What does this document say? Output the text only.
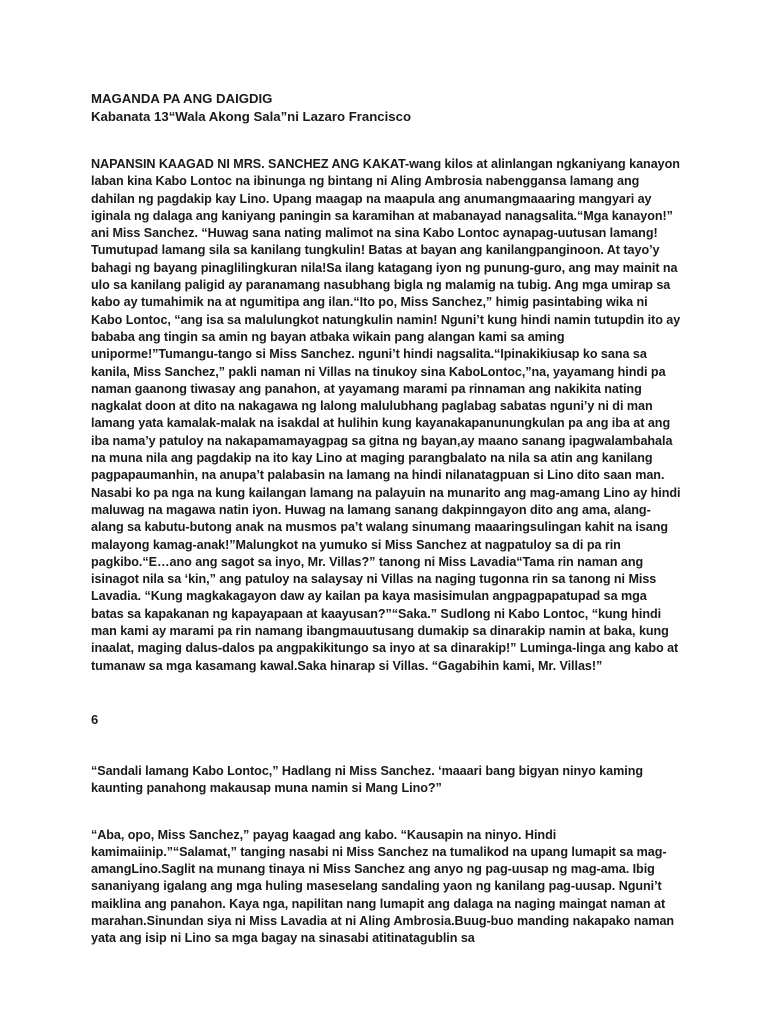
MAGANDA PA ANG DAIGDIG

Kabanata 13“Wala Akong Sala”ni Lazaro Francisco

NAPANSIN KAAGAD NI MRS. SANCHEZ ANG KAKAT-wang kilos at alinlangan ngkaniyang kanayon laban kina Kabo Lontoc na ibinunga ng bintang ni Aling Ambrosia nabenggansa lamang ang dahilan ng pagdakip kay Lino. Upang maagap na maapula ang anumangmaaaring mangyari ay iginala ng dalaga ang kaniyang paningin sa karamihan at mabanayad nanagsalita.“Mga kanayon!” ani Miss Sanchez. “Huwag sana nating malimot na sina Kabo Lontoc aynapag-uutusan lamang! Tumutupad lamang sila sa kanilang tungkulin! Batas at bayan ang kanilangpanginoon. At tayo’y bahagi ng bayang pinaglilingkuran nila!Sa ilang katagang iyon ng punung-guro, ang may mainit na ulo sa kanilang paligid ay paranamang nasubhang bigla ng malamig na tubig. Ang mga umirap sa kabo ay tumahimik na at ngumitipa ang ilan.“Ito po, Miss Sanchez,” himig pasintabing wika ni Kabo Lontoc, “ang isa sa malulungkot natungkulin namin! Nguni’t kung hindi namin tutupdin ito ay bababa ang tingin sa amin ng bayan atbaka wikain pang alangan kami sa aming uniporme!”Tumangu-tango si Miss Sanchez. nguni’t hindi nagsalita.“Ipinakikiusap ko sana sa kanila, Miss Sanchez,” pakli naman ni Villas na tinukoy sina KaboLontoc,”na, yayamang hindi pa naman gaanong tiwasay ang panahon, at yayamang marami pa rinnaman ang nakikita nating nagkalat doon at dito na nakagawa ng lalong malulubhang paglabag sabatas nguni’y ni di man lamang yata kamalak-malak na isakdal at hulihin kung kayanakapanunungkulan pa ang iba at ang iba nama’y patuloy na nakapamamayagpag sa gitna ng bayan,ay maano sanang ipagwalambahala na muna nila ang pagdakip na ito kay Lino at maging parangbalato na nila sa atin ang kanilang pagpapaumanhin, na anupa’t palabasin na lamang na hindi nilanatagpuan si Lino dito saan man. Nasabi ko pa nga na kung kailangan lamang na palayuin na munarito ang mag-amang Lino ay hindi maluwag na magawa natin iyon. Huwag na lamang sanang dakpinngayon dito ang ama, alang-alang sa kabutu-butong anak na musmos pa’t walang sinumang maaaringsulingan kahit na isang malayong kamag-anak!”Malungkot na yumuko si Miss Sanchez at nagpatuloy sa di pa rin pagkibo.“E…ano ang sagot sa inyo, Mr. Villas?” tanong ni Miss Lavadia“Tama rin naman ang isinagot nila sa ‘kin,” ang patuloy na salaysay ni Villas na naging tugonna rin sa tanong ni Miss Lavadia. “Kung magkakagayon daw ay kailan pa kaya masisimulan angpagpapatupad sa mga batas sa kapakanan ng kapayapaan at kaayusan?”“Saka.” Sudlong ni Kabo Lontoc, “kung hindi man kami ay marami pa rin namang ibangmauutusang dumakip sa dinarakip namin at baka, kung inaalat, maging dalus-dalos pa angpakikitungo sa inyo at sa dinarakip!” Luminga-linga ang kabo at tumanaw sa mga kasamang kawal.Saka hinarap si Villas. “Gagabihin kami, Mr. Villas!”

6

“Sandali lamang Kabo Lontoc,” Hadlang ni Miss Sanchez. ‘maaari bang bigyan ninyo kaming kaunting panahong makausap muna namin si Mang Lino?”

“Aba, opo, Miss Sanchez,” payag kaagad ang kabo. “Kausapin na ninyo. Hindi kamimaiinip.”“Salamat,” tanging nasabi ni Miss Sanchez na tumalikod na upang lumapit sa mag-amangLino.Saglit na munang tinaya ni Miss Sanchez ang anyo ng pag-uusap ng mag-ama. Ibig sananiyang igalang ang mga huling maseselang sandaling yaon ng kanilang pag-uusap. Nguni’t maiklina ang panahon. Kaya nga, napilitan nang lumapit ang dalaga na naging maingat naman at marahan.Sinundan siya ni Miss Lavadia at ni Aling Ambrosia.Buug-buo manding nakapako naman yata ang isip ni Lino sa mga bagay na sinasabi atitinatagublin sa
